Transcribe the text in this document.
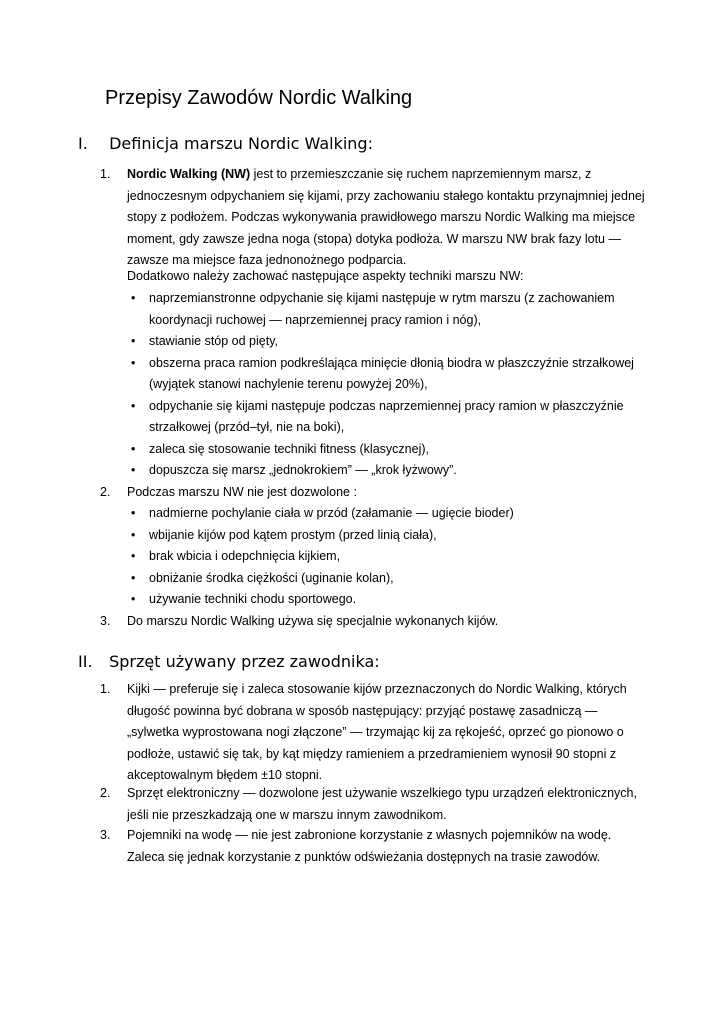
Przepisy Zawodów Nordic Walking
I. Definicja marszu Nordic Walking:
1. Nordic Walking (NW) jest to przemieszczanie się ruchem naprzemiennym marsz, z jednoczesnym odpychaniem się kijami, przy zachowaniu stałego kontaktu przynajmniej jednej stopy z podłożem. Podczas wykonywania prawidłowego marszu Nordic Walking ma miejsce moment, gdy zawsze jedna noga (stopa) dotyka podłoża. W marszu NW brak fazy lotu — zawsze ma miejsce faza jednonożnego podparcia.
Dodatkowo należy zachować następujące aspekty techniki marszu NW:
• naprzemianstronne odpychanie się kijami następuje w rytm marszu (z zachowaniem koordynacji ruchowej — naprzemiennej pracy ramion i nóg),
• stawianie stóp od pięty,
• obszerna praca ramion podkreślająca minięcie dłonią biodra w płaszczyźnie strzałkowej (wyjątek stanowi nachylenie terenu powyżej 20%),
• odpychanie się kijami następuje podczas naprzemiennej pracy ramion w płaszczyźnie strzałkowej (przód–tył, nie na boki),
• zaleca się stosowanie techniki fitness (klasycznej),
• dopuszcza się marsz „jednokrokiem” — „krok łyżwowy”.
2. Podczas marszu NW nie jest dozwolone :
• nadmierne pochylanie ciała w przód (załamanie — ugięcie bioder)
• wbijanie kijów pod kątem prostym (przed linią ciała),
• brak wbicia i odepchnięcia kijkiem,
• obniżanie środka ciężkości (uginanie kolan),
• używanie techniki chodu sportowego.
3. Do marszu Nordic Walking używa się specjalnie wykonanych kijów.
II. Sprzęt używany przez zawodnika:
1. Kijki — preferuje się i zaleca stosowanie kijów przeznaczonych do Nordic Walking, których długość powinna być dobrana w sposób następujący: przyjąć postawę zasadniczą — „sylwetka wyprostowana nogi złączone” — trzymając kij za rękojeść, oprzeć go pionowo o podłoże, ustawić się tak, by kąt między ramieniem a przedramieniem wynosił 90 stopni z akceptowalnym błędem ±10 stopni.
2. Sprzęt elektroniczny — dozwolone jest używanie wszelkiego typu urządzeń elektronicznych, jeśli nie przeszkadzają one w marszu innym zawodnikom.
3. Pojemniki na wodę — nie jest zabronione korzystanie z własnych pojemników na wodę. Zaleca się jednak korzystanie z punktów odświeżania dostępnych na trasie zawodów.
